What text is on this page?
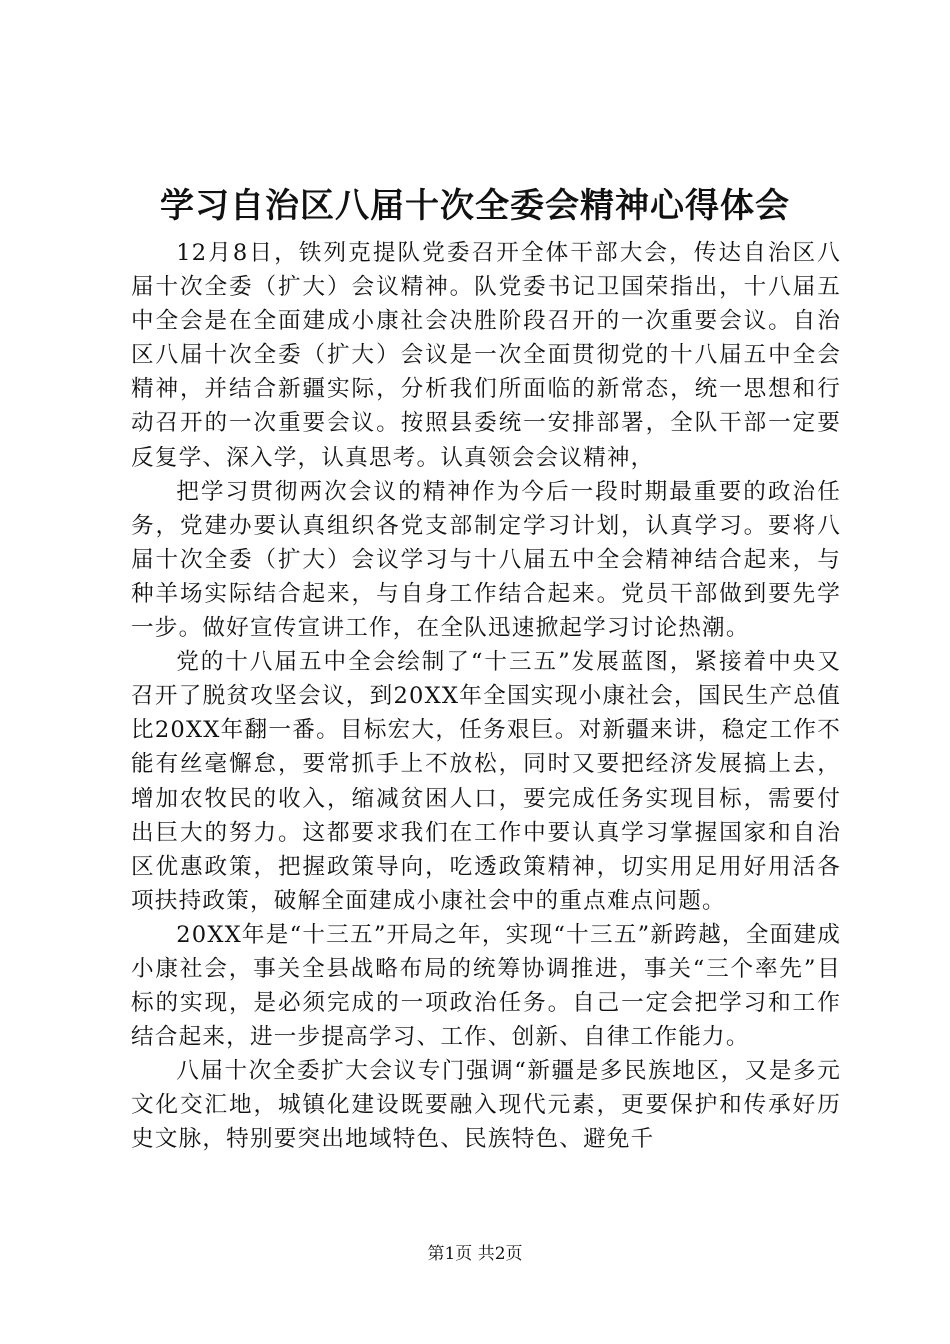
学习自治区八届十次全委会精神心得体会

12月8日，铁列克提队党委召开全体干部大会，传达自治区八届十次全委（扩大）会议精神。队党委书记卫国荣指出，十八届五中全会是在全面建成小康社会决胜阶段召开的一次重要会议。自治区八届十次全委（扩大）会议是一次全面贯彻党的十八届五中全会精神，并结合新疆实际，分析我们所面临的新常态，统一思想和行动召开的一次重要会议。按照县委统一安排部署，全队干部一定要反复学、深入学，认真思考。认真领会会议精神，

把学习贯彻两次会议的精神作为今后一段时期最重要的政治任务，党建办要认真组织各党支部制定学习计划，认真学习。要将八届十次全委（扩大）会议学习与十八届五中全会精神结合起来，与种羊场实际结合起来，与自身工作结合起来。党员干部做到要先学一步。做好宣传宣讲工作，在全队迅速掀起学习讨论热潮。

党的十八届五中全会绘制了“十三五”发展蓝图，紧接着中央又召开了脱贫攻坚会议，到20XX年全国实现小康社会，国民生产总值比20XX年翻一番。目标宏大，任务艰巨。对新疆来讲，稳定工作不能有丝毫懈怠，要常抓手上不放松，同时又要把经济发展搞上去，增加农牧民的收入，缩减贫困人口，要完成任务实现目标，需要付出巨大的努力。这都要求我们在工作中要认真学习掌握国家和自治区优惠政策，把握政策导向，吃透政策精神，切实用足用好用活各项扶持政策，破解全面建成小康社会中的重点难点问题。

20XX年是“十三五”开局之年，实现“十三五”新跨越，全面建成小康社会，事关全县战略布局的统筹协调推进，事关“三个率先”目标的实现，是必须完成的一项政治任务。自己一定会把学习和工作结合起来，进一步提高学习、工作、创新、自律工作能力。

八届十次全委扩大会议专门强调“新疆是多民族地区，又是多元文化交汇地，城镇化建设既要融入现代元素，更要保护和传承好历史文脉，特别要突出地域特色、民族特色、避免千

第1页 共2页
